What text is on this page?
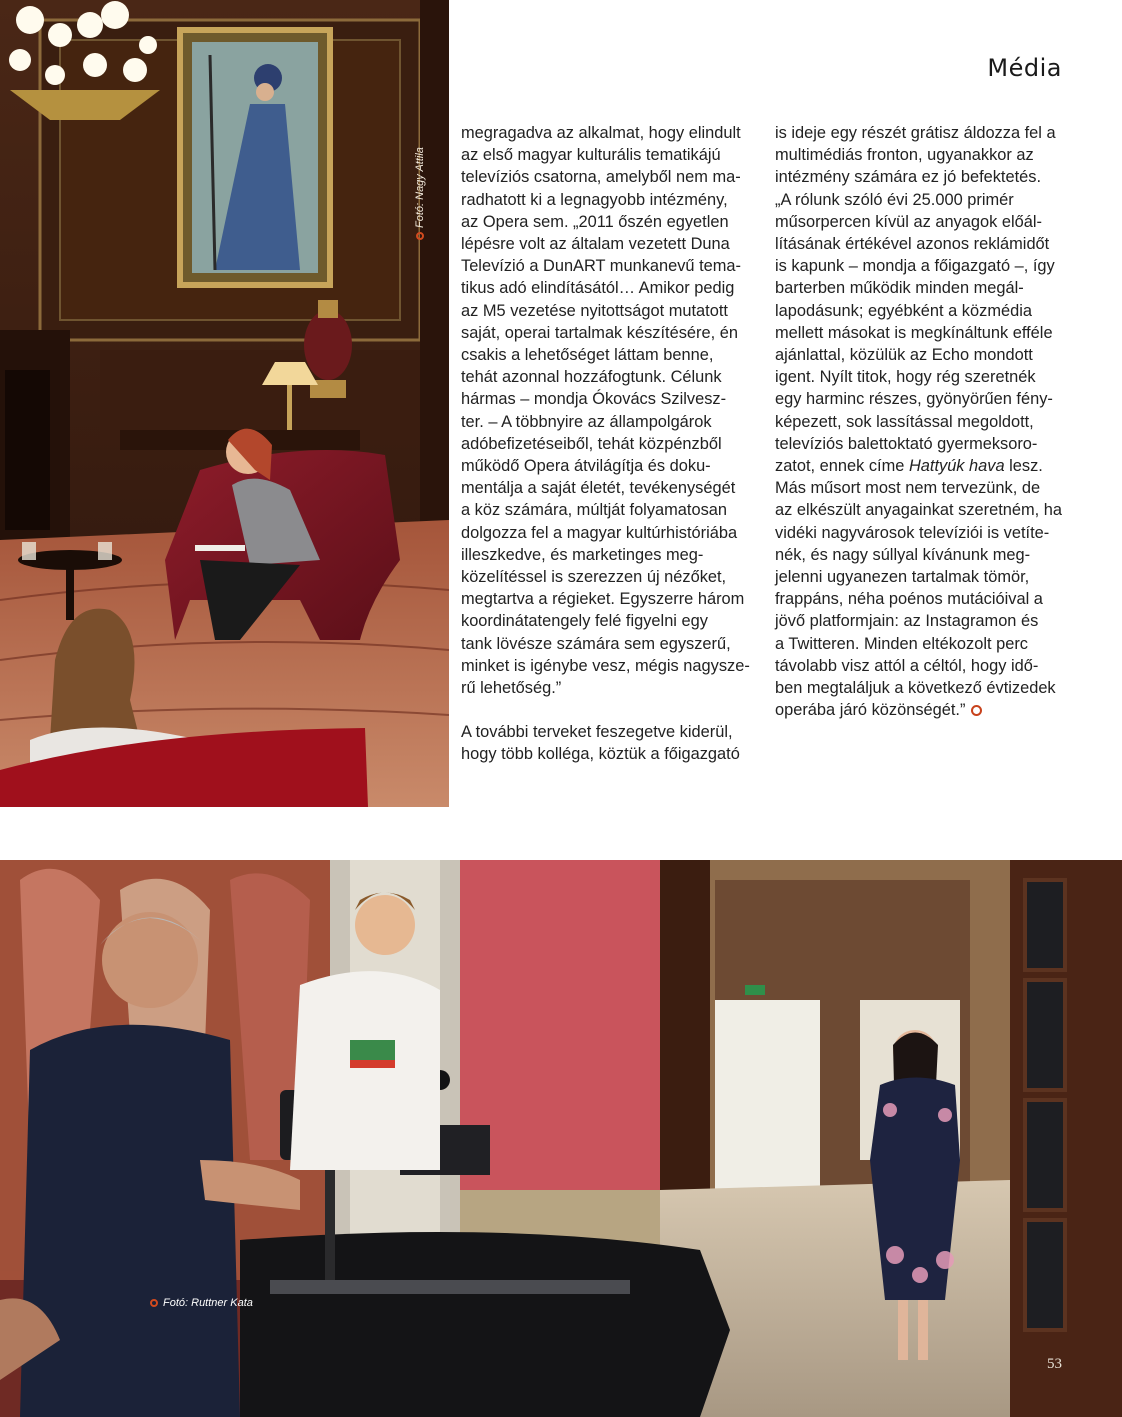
Média
Fotó: Nagy Attila

megragadva az alkalmat, hogy elindult
az első magyar kulturális tematikájú
televíziós csatorna, amelyből nem ma-
radhatott ki a legnagyobb intézmény,
az Opera sem. „2011 őszén egyetlen
lépésre volt az általam vezetett Duna
Televízió a DunART munkanevű tema-
tikus adó elindításától… Amikor pedig
az M5 vezetése nyitottságot mutatott
saját, operai tartalmak készítésére, én
csakis a lehetőséget láttam benne,
tehát azonnal hozzáfogtunk. Célunk
hármas – mondja Ókovács Szilvesz-
ter. – A többnyire az állampolgárok
adóbefizetéseiből, tehát közpénzből
működő Opera átvilágítja és doku-
mentálja a saját életét, tevékenységét
a köz számára, múltját folyamatosan
dolgozza fel a magyar kultúrhistóriába
illeszkedve, és marketinges meg-
közelítéssel is szerezzen új nézőket,
megtartva a régieket. Egyszerre három
koordinátatengely felé figyelni egy
tank lövésze számára sem egyszerű,
minket is igénybe vesz, mégis nagysze-
rű lehetőség.”

A további terveket feszegetve kiderül,
hogy több kolléga, köztük a főigazgató

is ideje egy részét grátisz áldozza fel a
multimédiás fronton, ugyanakkor az
intézmény számára ez jó befektetés.
„A rólunk szóló évi 25.000 primér
műsorpercen kívül az anyagok előál-
lításának értékével azonos reklámidőt
is kapunk – mondja a főigazgató –, így
barterben működik minden megál-
lapodásunk; egyébként a közmédia
mellett másokat is megkínáltunk efféle
ajánlattal, közülük az Echo mondott
igent. Nyílt titok, hogy rég szeretnék
egy harminc részes, gyönyörűen fény-
képezett, sok lassítással megoldott,
televíziós balettoktató gyermeksoro-
zatot, ennek címe Hattyúk hava lesz.
Más műsort most nem tervezünk, de
az elkészült anyagainkat szeretném, ha
vidéki nagyvárosok televíziói is vetíte-
nék, és nagy súllyal kívánunk meg-
jelenni ugyanezen tartalmak tömör,
frappáns, néha poénos mutációival a
jövő platformjain: az Instagramon és
a Twitteren. Minden eltékozolt perc
távolabb visz attól a céltól, hogy idő-
ben megtaláljuk a következő évtizedek
operába járó közönségét.”

Fotó: Ruttner Kata
53
